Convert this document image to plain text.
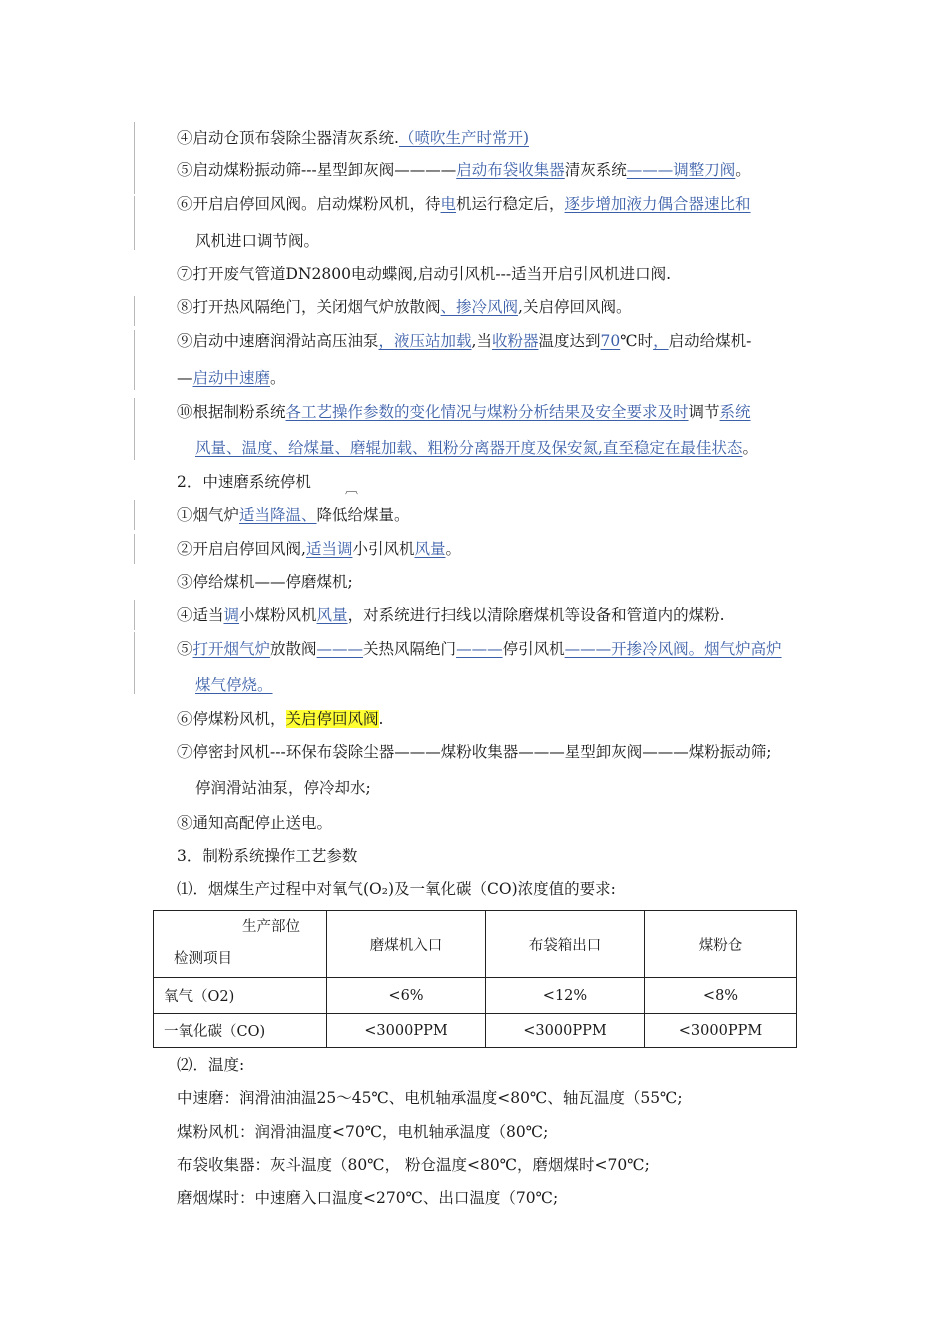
④启动仓顶布袋除尘器清灰系统.（喷吹生产时常开)
⑤启动煤粉振动筛---星型卸灰阀————启动布袋收集器清灰系统———调整刀阀。
⑥开启启停回风阀。启动煤粉风机，待电机运行稳定后，逐步增加液力偶合器速比和
风机进口调节阀。
⑦打开废气管道DN2800电动蝶阀,启动引风机---适当开启引风机进口阀.
⑧打开热风隔绝门，关闭烟气炉放散阀、掺冷风阀,关启停回风阀。
⑨启动中速磨润滑站高压油泵，液压站加载,当收粉器温度达到70℃时，启动给煤机-
—启动中速磨。
⑩根据制粉系统各工艺操作参数的变化情况与煤粉分析结果及安全要求及时调节系统
风量、温度、给煤量、磨辊加载、粗粉分离器开度及保安氮,直至稳定在最佳状态。
2．中速磨系统停机	︹
①烟气炉适当降温、降低给煤量。
②开启启停回风阀,适当调小引风机风量。
③停给煤机——停磨煤机;
④适当调小煤粉风机风量，对系统进行扫线以清除磨煤机等设备和管道内的煤粉.
⑤打开烟气炉放散阀———关热风隔绝门———停引风机———开掺冷风阀。烟气炉高炉
煤气停烧。
⑥停煤粉风机，关启停回风阀.
⑦停密封风机---环保布袋除尘器———煤粉收集器———星型卸灰阀———煤粉振动筛;
停润滑站油泵，停冷却水;
⑧通知高配停止送电。
3．制粉系统操作工艺参数
⑴．烟煤生产过程中对氧气(O₂)及一氧化碳（CO)浓度值的要求:
生产部位
检测项目	磨煤机入口	布袋箱出口	煤粉仓
氧气（O2)	<6%	<12%	<8%
一氧化碳（CO)	<3000PPM	<3000PPM	<3000PPM
⑵．温度:
中速磨：润滑油油温25～45℃、电机轴承温度<80℃、轴瓦温度（55℃;
煤粉风机：润滑油温度<70℃，电机轴承温度（80℃;
布袋收集器：灰斗温度（80℃， 粉仓温度<80℃，磨烟煤时<70℃;
磨烟煤时：中速磨入口温度<270℃、出口温度（70℃;
